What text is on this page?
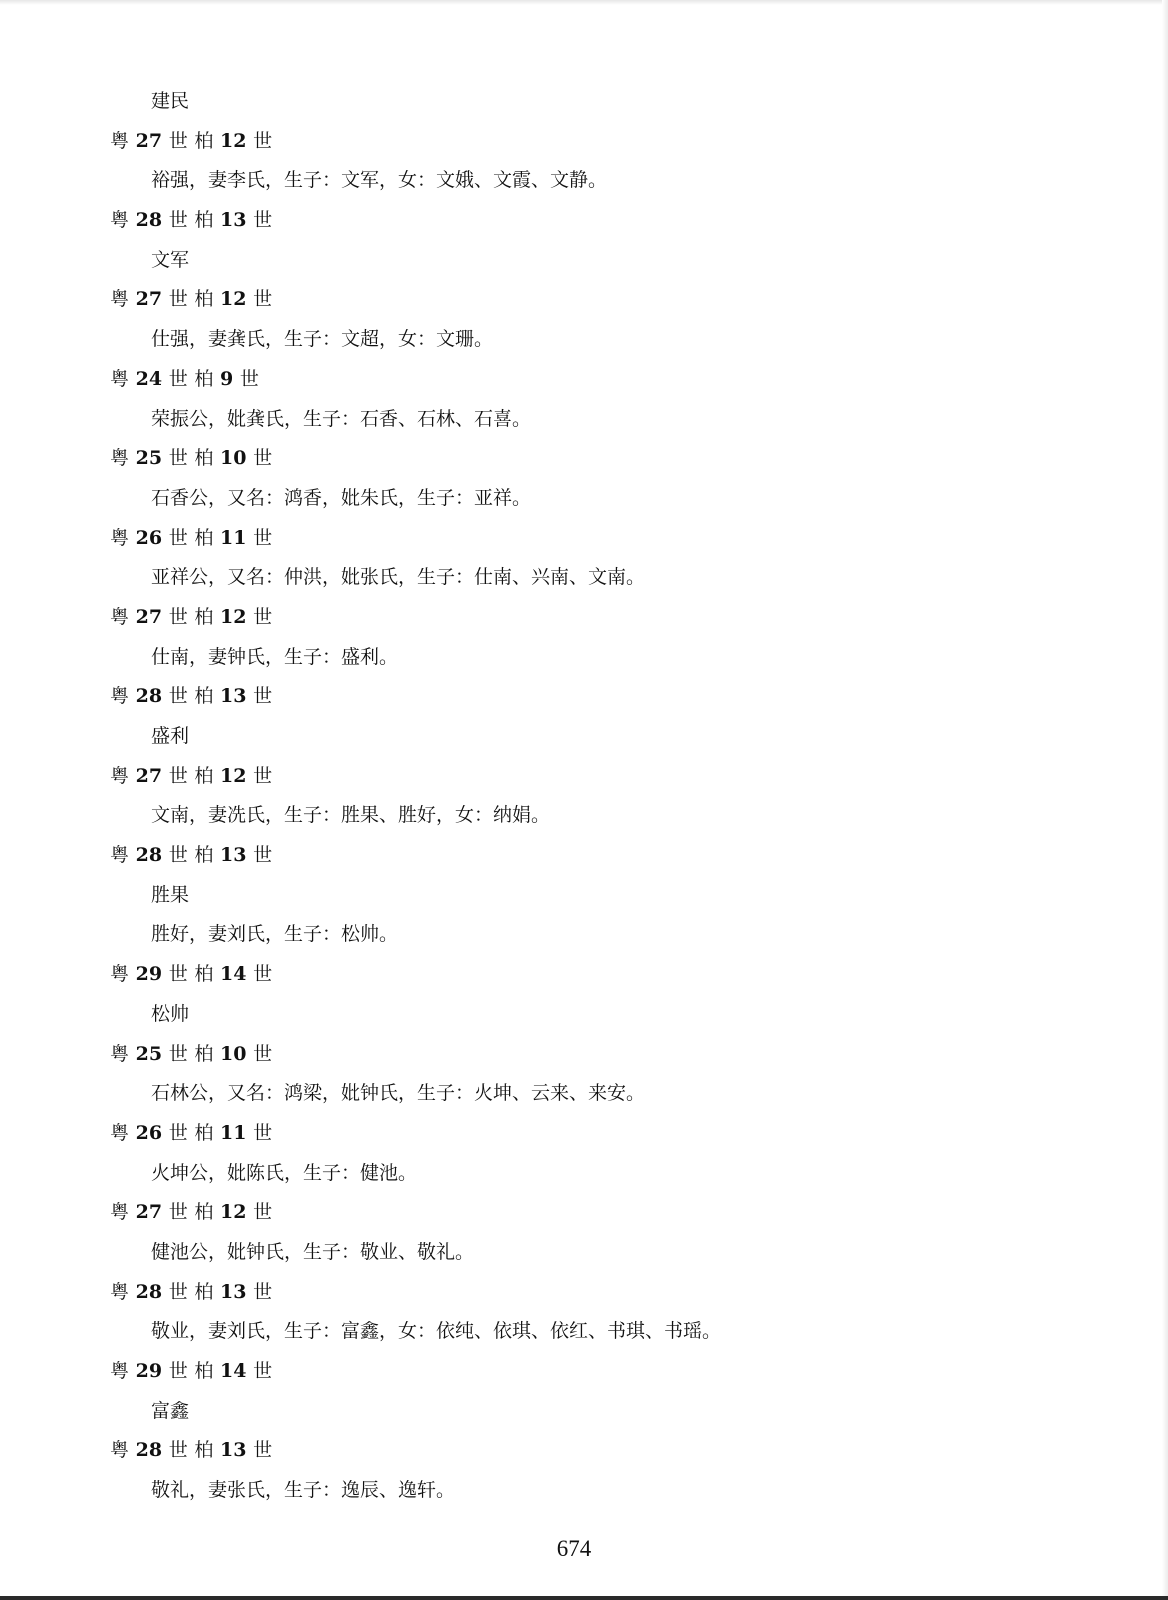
建民
粤 27 世 柏 12 世
裕强，妻李氏，生子：文军，女：文娥、文霞、文静。
粤 28 世 柏 13 世
文军
粤 27 世 柏 12 世
仕强，妻龚氏，生子：文超，女：文珊。
粤 24 世 柏 9 世
荣振公，妣龚氏，生子：石香、石林、石喜。
粤 25 世 柏 10 世
石香公，又名：鸿香，妣朱氏，生子：亚祥。
粤 26 世 柏 11 世
亚祥公，又名：仲洪，妣张氏，生子：仕南、兴南、文南。
粤 27 世 柏 12 世
仕南，妻钟氏，生子：盛利。
粤 28 世 柏 13 世
盛利
粤 27 世 柏 12 世
文南，妻冼氏，生子：胜果、胜好，女：纳娟。
粤 28 世 柏 13 世
胜果
胜好，妻刘氏，生子：松帅。
粤 29 世 柏 14 世
松帅
粤 25 世 柏 10 世
石林公，又名：鸿梁，妣钟氏，生子：火坤、云来、来安。
粤 26 世 柏 11 世
火坤公，妣陈氏，生子：健池。
粤 27 世 柏 12 世
健池公，妣钟氏，生子：敬业、敬礼。
粤 28 世 柏 13 世
敬业，妻刘氏，生子：富鑫，女：依纯、依琪、依红、书琪、书瑶。
粤 29 世 柏 14 世
富鑫
粤 28 世 柏 13 世
敬礼，妻张氏，生子：逸辰、逸轩。
674
